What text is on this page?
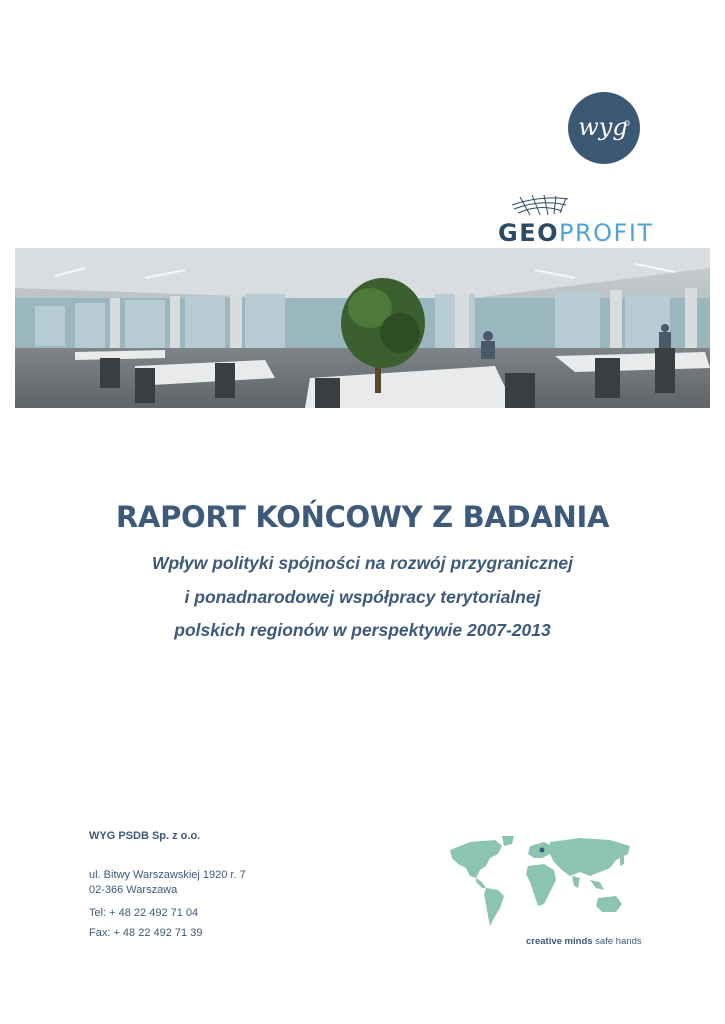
wyg
GEOPROFIT
RAPORT KOŃCOWY Z BADANIA
Wpływ polityki spójności na rozwój przygranicznej
i ponadnarodowej współpracy terytorialnej
polskich regionów w perspektywie 2007-2013
WYG PSDB Sp. z o.o.
ul. Bitwy Warszawskiej 1920 r. 7
02-366 Warszawa
Tel: + 48 22 492 71 04
Fax: + 48 22 492 71 39
creative minds safe hands
